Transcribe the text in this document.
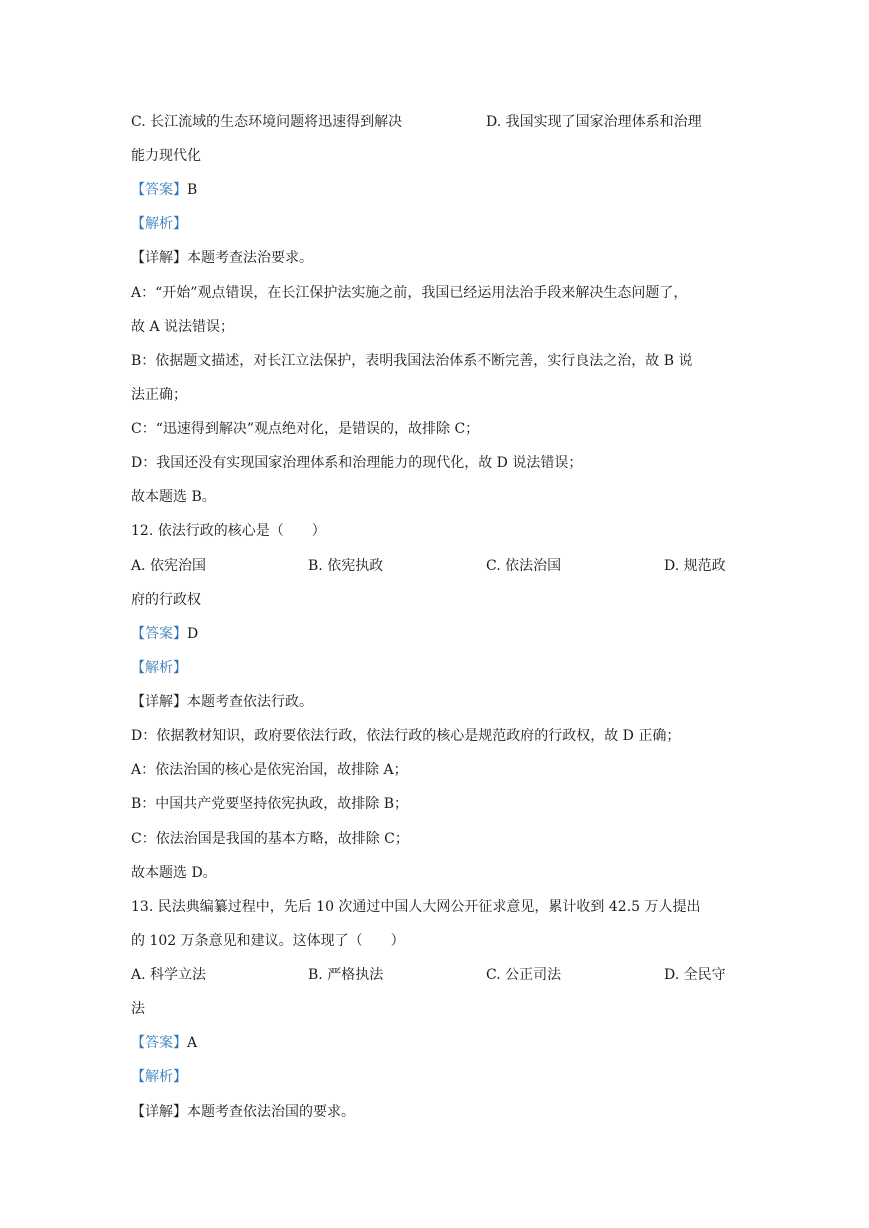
C. 长江流域的生态环境问题将迅速得到解决	D. 我国实现了国家治理体系和治理
能力现代化
【答案】B
【解析】
【详解】本题考查法治要求。
A：“开始”观点错误，在长江保护法实施之前，我国已经运用法治手段来解决生态问题了，
故 A 说法错误；
B：依据题文描述，对长江立法保护，表明我国法治体系不断完善，实行良法之治，故 B 说
法正确；
C：“迅速得到解决”观点绝对化，是错误的，故排除 C；
D：我国还没有实现国家治理体系和治理能力的现代化，故 D 说法错误；
故本题选 B。
12. 依法行政的核心是（　　）
A. 依宪治国	B. 依宪执政	C. 依法治国	D. 规范政
府的行政权
【答案】D
【解析】
【详解】本题考查依法行政。
D：依据教材知识，政府要依法行政，依法行政的核心是规范政府的行政权，故 D 正确；
A：依法治国的核心是依宪治国，故排除 A；
B：中国共产党要坚持依宪执政，故排除 B；
C：依法治国是我国的基本方略，故排除 C；
故本题选 D。
13. 民法典编纂过程中，先后 10 次通过中国人大网公开征求意见，累计收到 42.5 万人提出
的 102 万条意见和建议。这体现了（　　）
A. 科学立法	B. 严格执法	C. 公正司法	D. 全民守
法
【答案】A
【解析】
【详解】本题考查依法治国的要求。
